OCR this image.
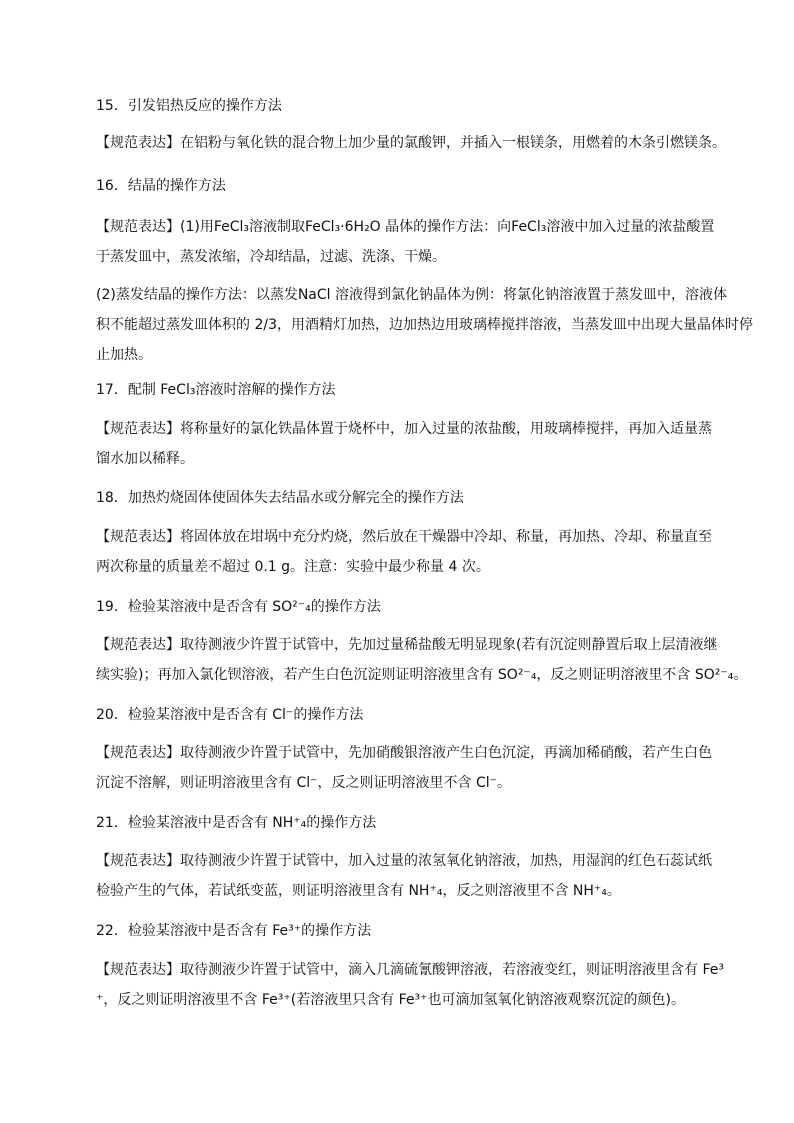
15．引发铝热反应的操作方法
【规范表达】在铝粉与氧化铁的混合物上加少量的氯酸钾，并插入一根镁条，用燃着的木条引燃镁条。
16．结晶的操作方法
【规范表达】(1)用FeCl₃溶液制取FeCl₃·6H₂O 晶体的操作方法：向FeCl₃溶液中加入过量的浓盐酸置
于蒸发皿中，蒸发浓缩，冷却结晶，过滤、洗涤、干燥。
(2)蒸发结晶的操作方法：以蒸发NaCl 溶液得到氯化钠晶体为例：将氯化钠溶液置于蒸发皿中，溶液体
积不能超过蒸发皿体积的 2/3，用酒精灯加热，边加热边用玻璃棒搅拌溶液，当蒸发皿中出现大量晶体时停
止加热。
17．配制 FeCl₃溶液时溶解的操作方法
【规范表达】将称量好的氯化铁晶体置于烧杯中，加入过量的浓盐酸，用玻璃棒搅拌，再加入适量蒸
馏水加以稀释。
18．加热灼烧固体使固体失去结晶水或分解完全的操作方法
【规范表达】将固体放在坩埚中充分灼烧，然后放在干燥器中冷却、称量，再加热、冷却、称量直至
两次称量的质量差不超过 0.1 g。注意：实验中最少称量 4 次。
19．检验某溶液中是否含有 SO²⁻₄的操作方法
【规范表达】取待测液少许置于试管中，先加过量稀盐酸无明显现象(若有沉淀则静置后取上层清液继
续实验)；再加入氯化钡溶液，若产生白色沉淀则证明溶液里含有 SO²⁻₄，反之则证明溶液里不含 SO²⁻₄。
20．检验某溶液中是否含有 Cl⁻的操作方法
【规范表达】取待测液少许置于试管中，先加硝酸银溶液产生白色沉淀，再滴加稀硝酸，若产生白色
沉淀不溶解，则证明溶液里含有 Cl⁻，反之则证明溶液里不含 Cl⁻。
21．检验某溶液中是否含有 NH⁺₄的操作方法
【规范表达】取待测液少许置于试管中，加入过量的浓氢氧化钠溶液，加热，用湿润的红色石蕊试纸
检验产生的气体，若试纸变蓝，则证明溶液里含有 NH⁺₄，反之则溶液里不含 NH⁺₄。
22．检验某溶液中是否含有 Fe³⁺的操作方法
【规范表达】取待测液少许置于试管中，滴入几滴硫氰酸钾溶液，若溶液变红，则证明溶液里含有 Fe³
⁺，反之则证明溶液里不含 Fe³⁺(若溶液里只含有 Fe³⁺也可滴加氢氧化钠溶液观察沉淀的颜色)。
